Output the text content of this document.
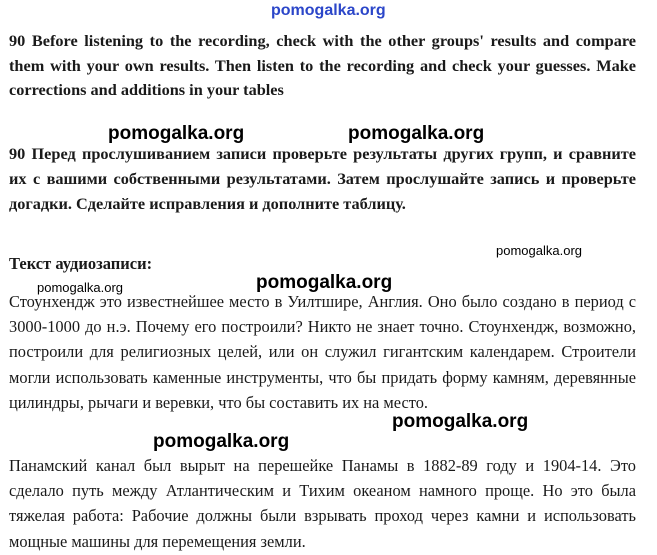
pomogalka.org
90 Before listening to the recording, check with the other groups' results and compare them with your own results. Then listen to the recording and check your guesses. Make corrections and additions in your tables
pomogalka.org	pomogalka.org
90 Перед прослушиванием записи проверьте результаты других групп, и сравните их с вашими собственными результатами. Затем прослушайте запись и проверьте догадки. Сделайте исправления и дополните таблицу.
pomogalka.org
Текст аудиозаписи:
pomogalka.org	pomogalka.org
Стоунхендж это известнейшее место в Уилтшире, Англия. Оно было создано в период с 3000-1000 до н.э. Почему его построили? Никто не знает точно. Стоунхендж, возможно, построили для религиозных целей, или он служил гигантским календарем. Строители могли использовать каменные инструменты, что бы придать форму камням, деревянные цилиндры, рычаги и веревки, что бы составить их на место.
pomogalka.org
pomogalka.org
Панамский канал был вырыт на перешейке Панамы в 1882-89 году и 1904-14. Это сделало путь между Атлантическим и Тихим океаном намного проще. Но это была тяжелая работа: Рабочие должны были взрывать проход через камни и использовать мощные машины для перемещения земли.
